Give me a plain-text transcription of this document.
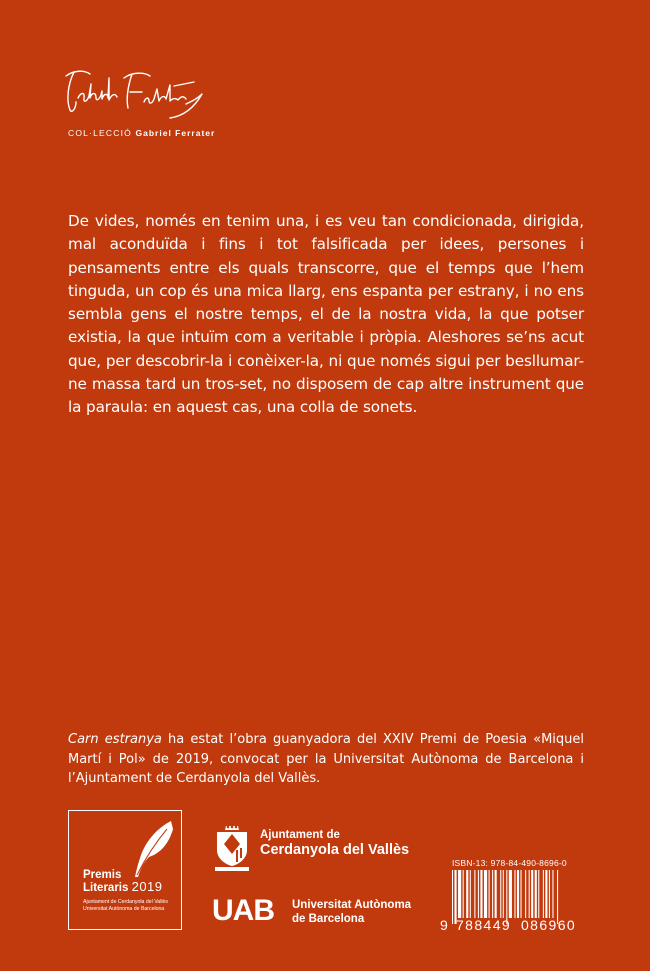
COL·LECCIÓ Gabriel Ferrater

De vides, només en tenim una, i es veu tan condicionada, dirigida, mal aconduïda i fins i tot falsificada per idees, persones i pensaments entre els quals transcorre, que el temps que l’hem tinguda, un cop és una mica llarg, ens espanta per estrany, i no ens sembla gens el nostre temps, el de la nostra vida, la que potser existia, la que intuïm com a veritable i pròpia. Aleshores se’ns acut que, per descobrir-la i conèixer-la, ni que només sigui per besllumar-ne massa tard un tros-set, no disposem de cap altre instrument que la paraula: en aquest cas, una colla de sonets.

Carn estranya ha estat l’obra guanyadora del XXIV Premi de Poesia «Miquel Martí i Pol» de 2019, convocat per la Universitat Autònoma de Barcelona i l’Ajuntament de Cerdanyola del Vallès.

Premis
Literaris 2019
Ajuntament de Cerdanyola del Vallès
Universitat Autònoma de Barcelona
Ajuntament de
Cerdanyola del Vallès
UAB Universitat Autònoma
de Barcelona
ISBN-13: 978-84-490-8696-0
9 788449 086960
